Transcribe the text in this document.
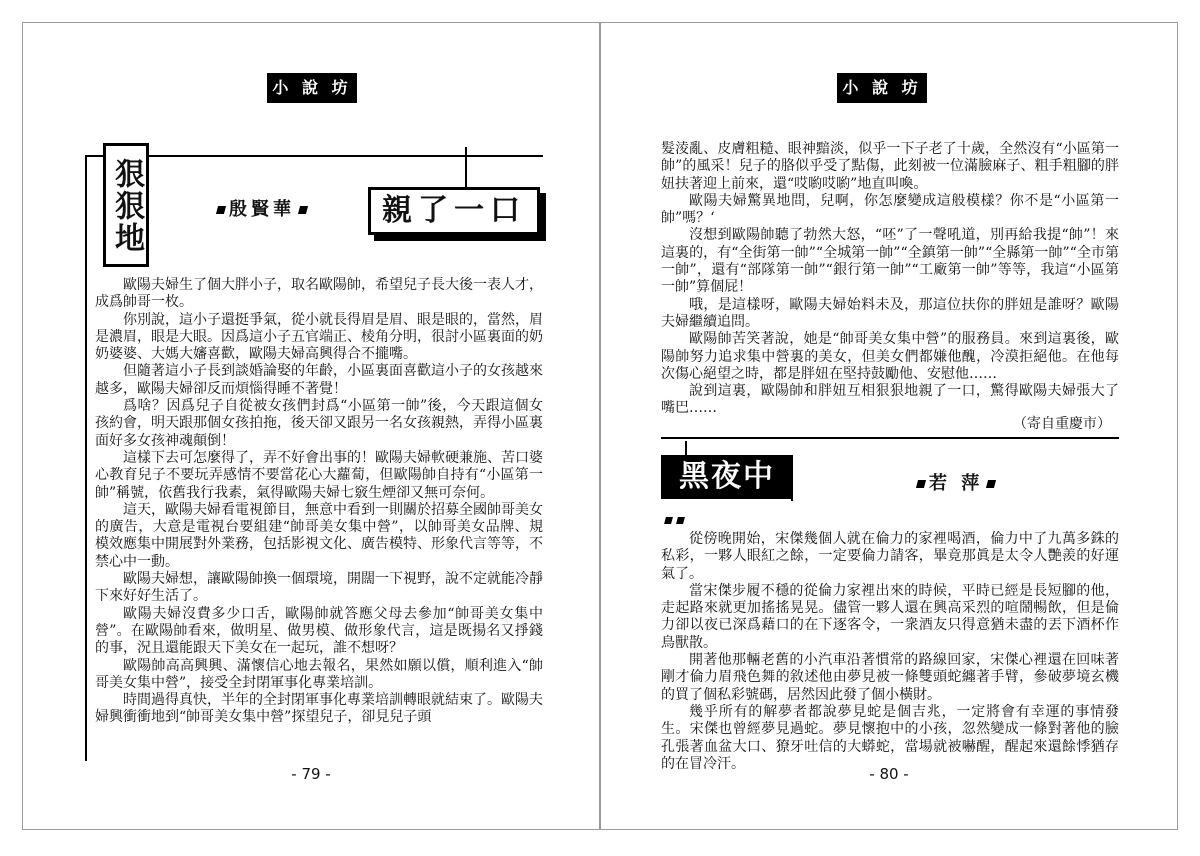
小 說 坊
狠狠地	殷賢華	親了一口

歐陽夫婦生了個大胖小子，取名歐陽帥，希望兒子長大後一表人才，成爲帥哥一枚。

你別說，這小子還挺爭氣，從小就長得眉是眉、眼是眼的，當然，眉是濃眉，眼是大眼。因爲這小子五官端正、棱角分明，很討小區裏面的奶奶婆婆、大媽大嬸喜歡，歐陽夫婦高興得合不攏嘴。

但隨著這小子長到談婚論娶的年齡，小區裏面喜歡這小子的女孩越來越多，歐陽夫婦卻反而煩惱得睡不著覺！

爲啥？因爲兒子自從被女孩們封爲“小區第一帥”後，今天跟這個女孩約會，明天跟那個女孩拍拖，後天卻又跟另一名女孩親熱，弄得小區裏面好多女孩神魂顛倒！

這樣下去可怎麼得了，弄不好會出事的！歐陽夫婦軟硬兼施、苦口婆心教育兒子不要玩弄感情不要當花心大蘿蔔，但歐陽帥自持有“小區第一帥”稱號，依舊我行我素，氣得歐陽夫婦七竅生煙卻又無可奈何。

這天，歐陽夫婦看電視節目，無意中看到一則關於招募全國帥哥美女的廣告，大意是電視台要組建“帥哥美女集中營”，以帥哥美女品牌、規模效應集中開展對外業務，包括影視文化、廣告模特、形象代言等等，不禁心中一動。

歐陽夫婦想，讓歐陽帥換一個環境，開闊一下視野，說不定就能冷靜下來好好生活了。

歐陽夫婦沒費多少口舌，歐陽帥就答應父母去參加“帥哥美女集中營”。在歐陽帥看來，做明星、做男模、做形象代言，這是既揚名又掙錢的事，況且還能跟天下美女在一起玩，誰不想呀？

歐陽帥高高興興、滿懷信心地去報名，果然如願以償，順利進入“帥哥美女集中營”，接受全封閉軍事化專業培訓。

時間過得真快，半年的全封閉軍事化專業培訓轉眼就結束了。歐陽夫婦興衝衝地到“帥哥美女集中營”探望兒子，卻見兒子頭

- 79 -
小 說 坊

髮淩亂、皮膚粗糙、眼神黯淡，似乎一下子老了十歲，全然沒有“小區第一帥”的風采！兒子的胳似乎受了點傷，此刻被一位滿臉麻子、粗手粗腳的胖妞扶著迎上前來，還“哎喲哎喲”地直叫喚。

歐陽夫婦驚異地問，兒啊，你怎麼變成這般模樣？你不是“小區第一帥”嗎？‘

沒想到歐陽帥聽了勃然大怒，“呸”了一聲吼道，別再給我提“帥”！來這裏的，有“全街第一帥”“全城第一帥”“全鎮第一帥”“全縣第一帥”“全市第一帥”，還有“部隊第一帥”“銀行第一帥”“工廠第一帥”等等，我這“小區第一帥”算個屁！

哦，是這樣呀，歐陽夫婦始料未及，那這位扶你的胖妞是誰呀？歐陽夫婦繼續追問。

歐陽帥苦笑著說，她是“帥哥美女集中營”的服務員。來到這裏後，歐陽帥努力追求集中營裏的美女，但美女們都嫌他醜，冷漠拒絕他。在他每次傷心絕望之時，都是胖妞在堅持鼓勵他、安慰他……

說到這裏，歐陽帥和胖妞互相狠狠地親了一口，驚得歐陽夫婦張大了嘴巴……

（寄自重慶市）
黑夜中	若 萍

從傍晚開始，宋傑幾個人就在倫力的家裡喝酒，倫力中了九萬多銖的私彩，一夥人眼紅之餘，一定要倫力請客，畢竟那眞是太令人艷羨的好運氣了。

當宋傑步履不穩的從倫力家裡出來的時候，平時已經是長短腳的他，走起路來就更加搖搖晃晃。儘管一夥人還在興高采烈的喧鬧暢飲，但是倫力卻以夜已深爲藉口的在下逐客令，一衆酒友只得意猶未盡的丟下酒杯作鳥獸散。

開著他那輛老舊的小汽車沿著慣常的路線回家，宋傑心裡還在回味著剛才倫力眉飛色舞的敘述他由夢見被一條雙頭蛇纏著手臂，參破夢境玄機的買了個私彩號碼，居然因此發了個小橫財。

幾乎所有的解夢者都說夢見蛇是個吉兆，一定將會有幸運的事情發生。宋傑也曾經夢見過蛇。夢見懷抱中的小孩，忽然變成一條對著他的臉孔張著血盆大口、獠牙吐信的大蟒蛇，當場就被嚇醒，醒起來還餘悸猶存的在冒冷汗。

- 80 -
